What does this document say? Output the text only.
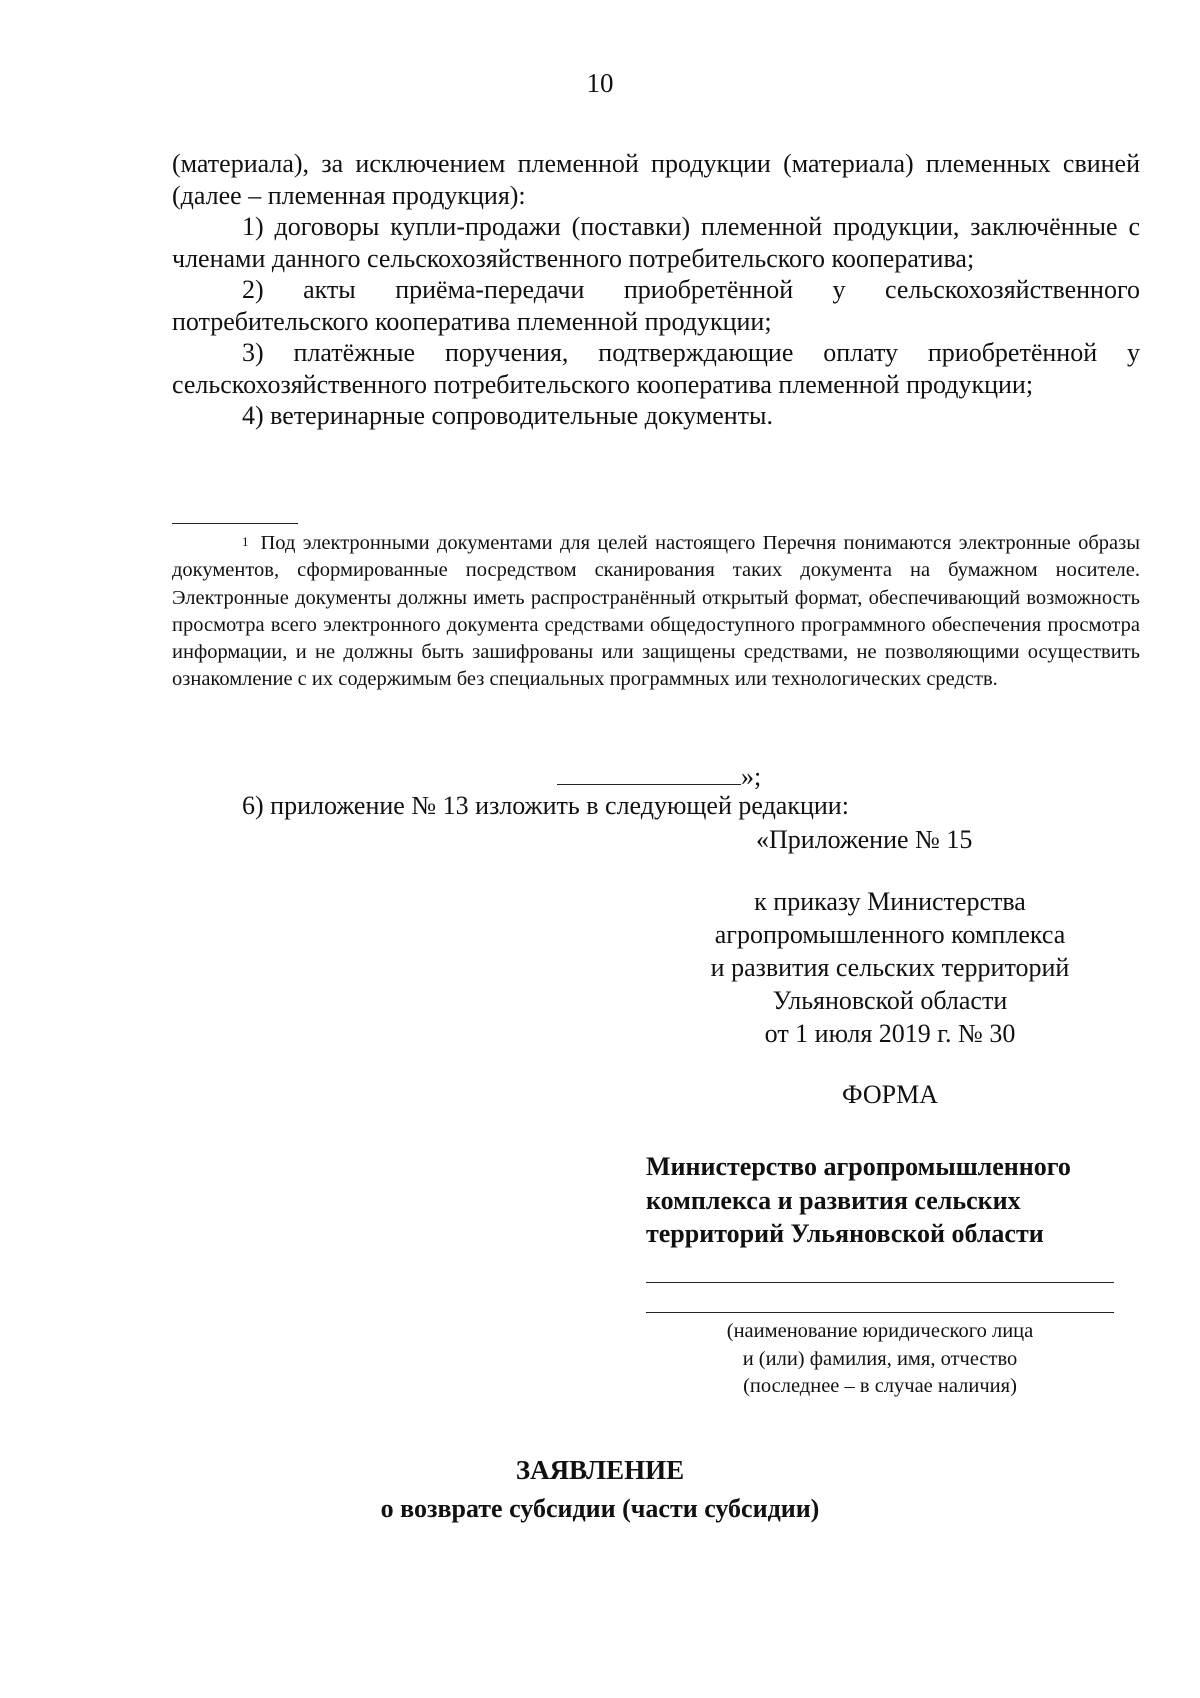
10

(материала), за исключением племенной продукции (материала) племенных свиней (далее – племенная продукция):

1) договоры купли-продажи (поставки) племенной продукции, заключённые с членами данного сельскохозяйственного потребительского кооператива;

2) акты приёма-передачи приобретённой у сельскохозяйственного потребительского кооператива племенной продукции;

3) платёжные поручения, подтверждающие оплату приобретённой у сельскохозяйственного потребительского кооператива племенной продукции;

4) ветеринарные сопроводительные документы.

$^1$ Под электронными документами для целей настоящего Перечня понимаются электронные образы документов, сформированные посредством сканирования таких документа на бумажном носителе. Электронные документы должны иметь распространённый открытый формат, обеспечивающий возможность просмотра всего электронного документа средствами общедоступного программного обеспечения просмотра информации, и не должны быть зашифрованы или защищены средствами, не позволяющими осуществить ознакомление с их содержимым без специальных программных или технологических средств.

»;
6) приложение № 13 изложить в следующей редакции:
«Приложение № 15
к приказу Министерства
агропромышленного комплекса
и развития сельских территорий
Ульяновской области
от 1 июля 2019 г. № 30
ФОРМА
Министерство агропромышленного комплекса и развития сельских территорий Ульяновской области
(наименование юридического лица
и (или) фамилия, имя, отчество
(последнее – в случае наличия)
ЗАЯВЛЕНИЕ
о возврате субсидии (части субсидии)
